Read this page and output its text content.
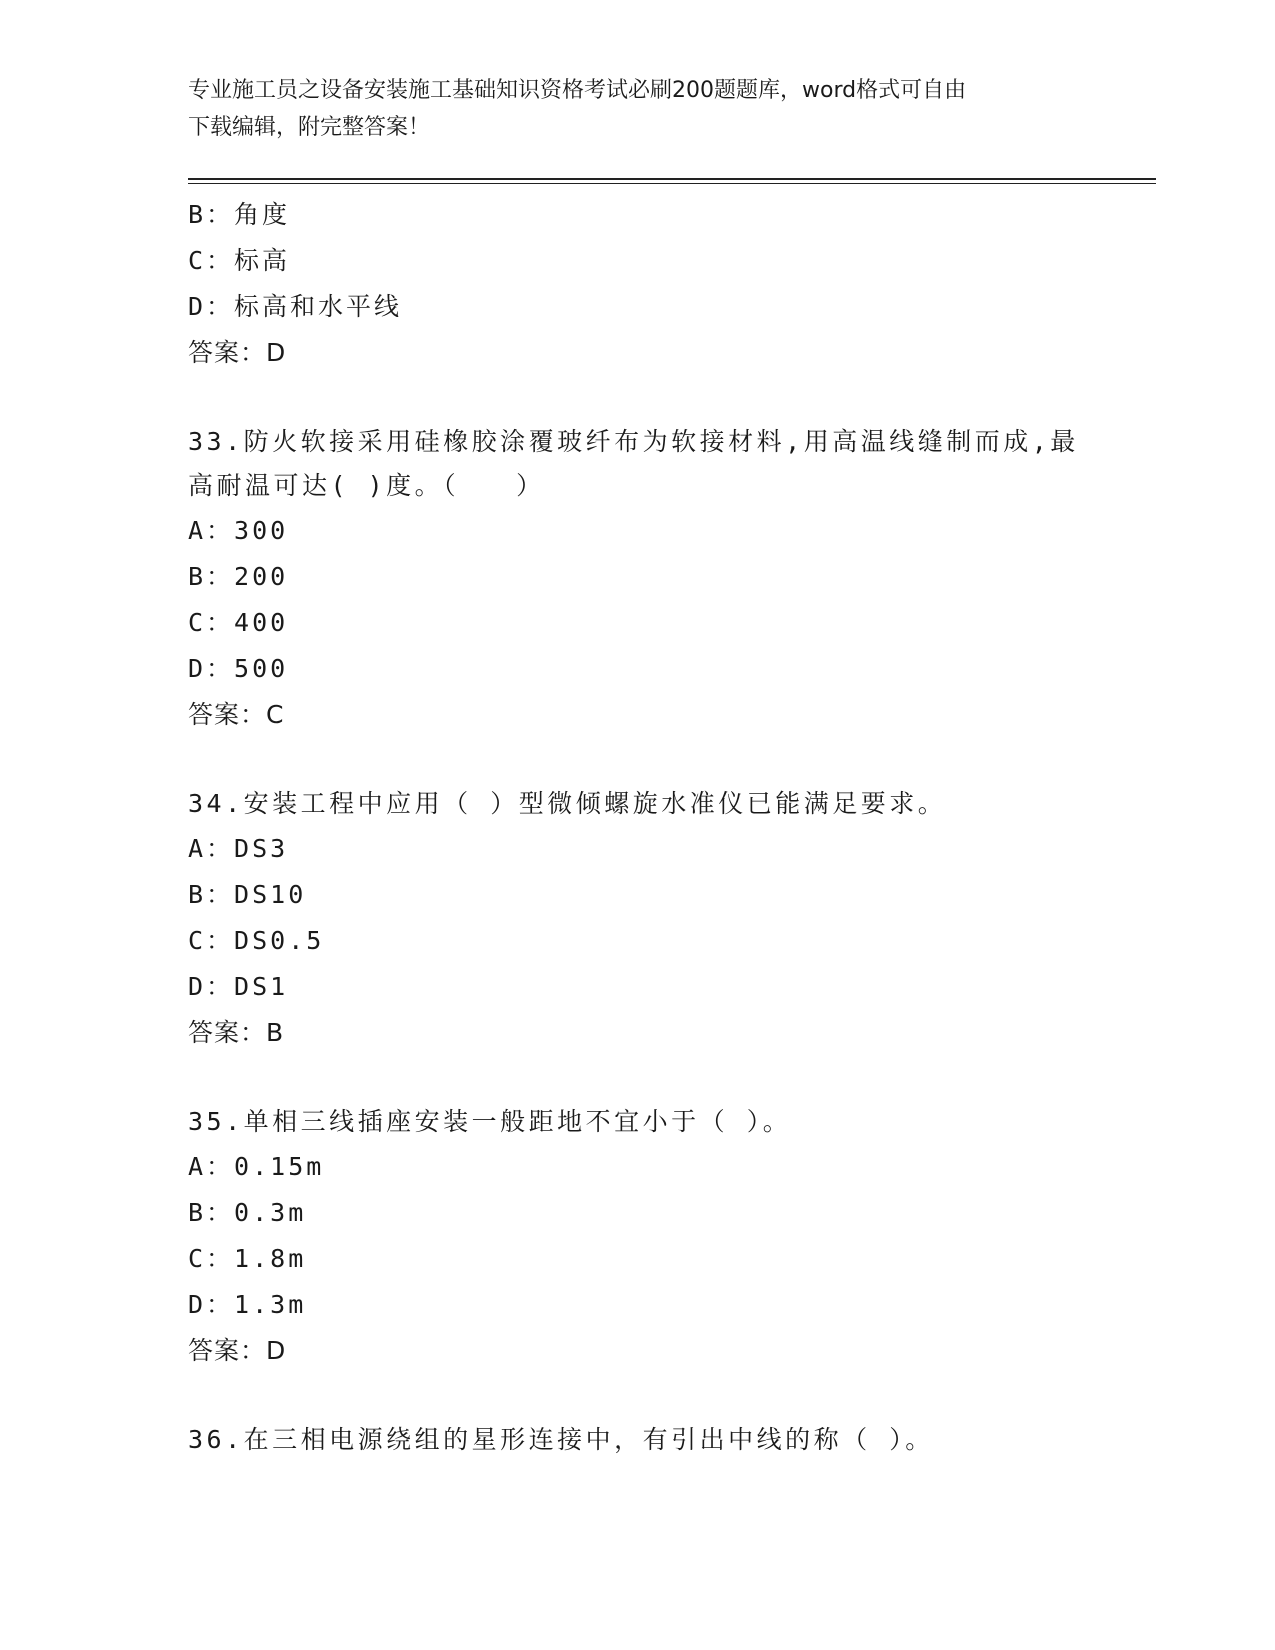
专业施工员之设备安装施工基础知识资格考试必刷200题题库，word格式可自由
下载编辑，附完整答案！
B：角度
C：标高
D：标高和水平线
答案：D
33.防火软接采用硅橡胶涂覆玻纤布为软接材料,用高温线缝制而成,最
高耐温可达( )度。（　　）
A：300
B：200
C：400
D：500
答案：C
34.安装工程中应用（ ）型微倾螺旋水准仪已能满足要求。
A：DS3
B：DS10
C：DS0.5
D：DS1
答案：B
35.单相三线插座安装一般距地不宜小于（ ）。
A：0.15m
B：0.3m
C：1.8m
D：1.3m
答案：D
36.在三相电源绕组的星形连接中，有引出中线的称（ ）。
